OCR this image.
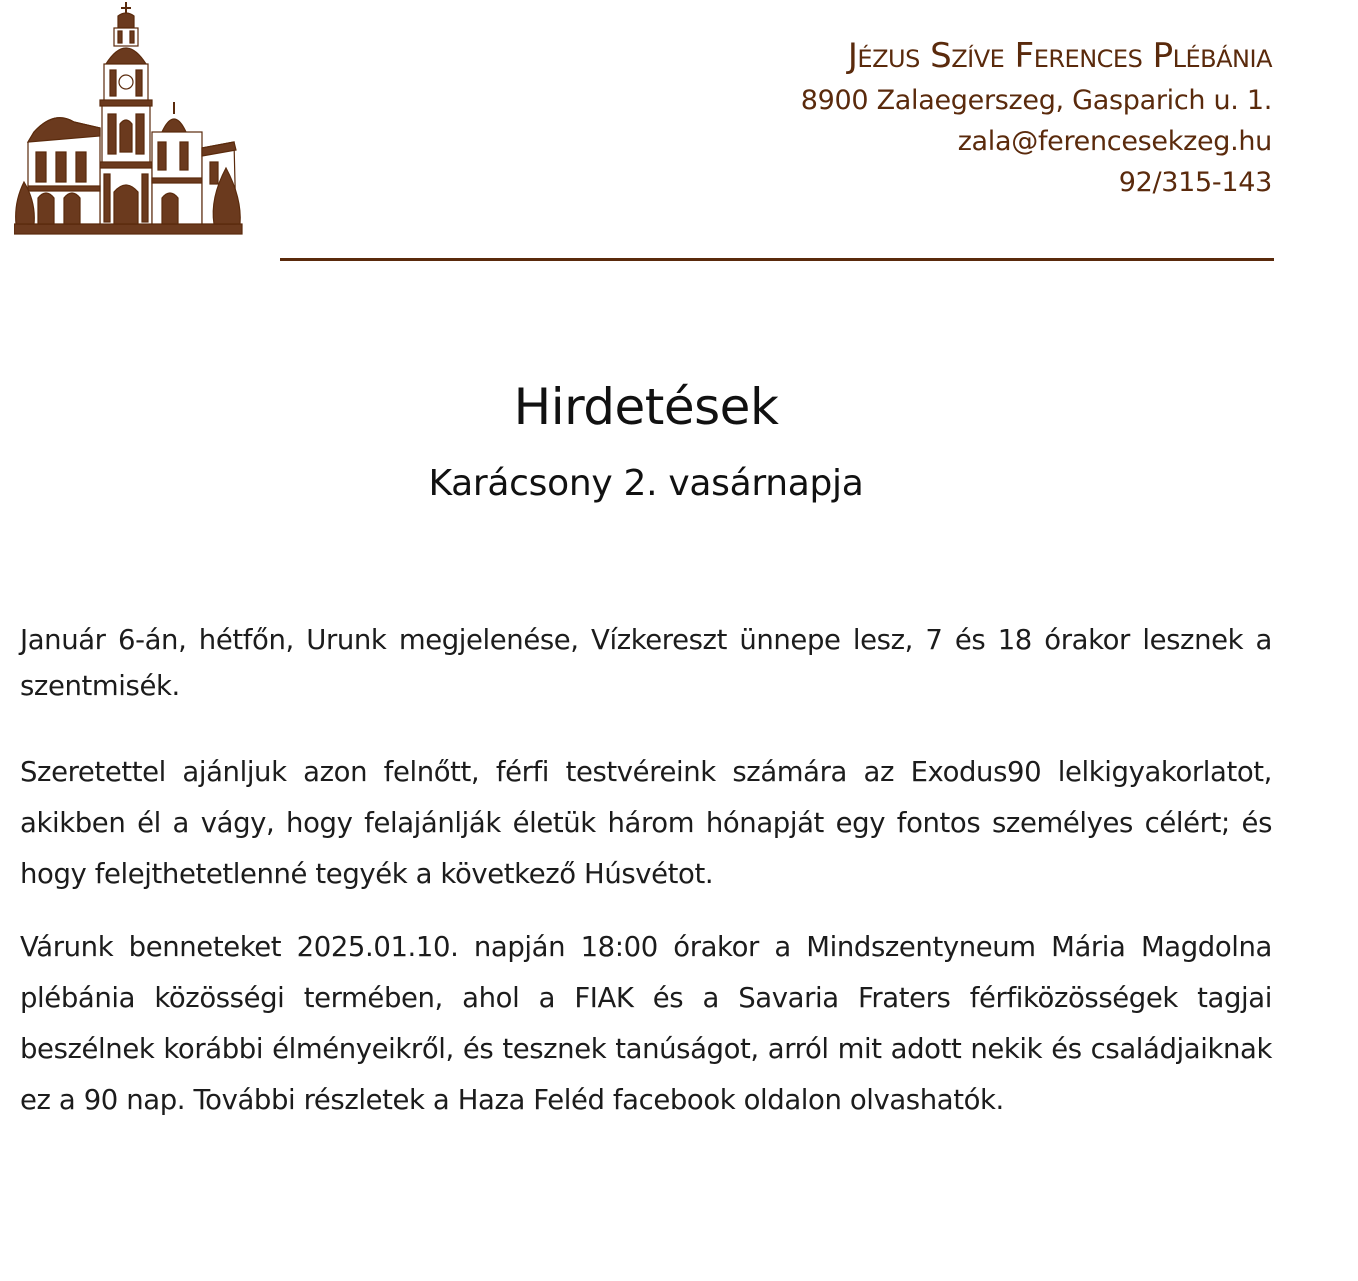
Jézus Szíve Ferences Plébánia
8900 Zalaegerszeg, Gasparich u. 1.
zala@ferencesekzeg.hu
92/315-143
Hirdetések
Karácsony 2. vasárnapja

Január 6-án, hétfőn, Urunk megjelenése, Vízkereszt ünnepe lesz, 7 és 18 órakor lesznek a szentmisék.

Szeretettel ajánljuk azon felnőtt, férfi testvéreink számára az Exodus90 lelkigyakorlatot, akikben él a vágy, hogy felajánlják életük három hónapját egy fontos személyes célért; és hogy felejthetetlenné tegyék a következő Húsvétot.

Várunk benneteket 2025.01.10. napján 18:00 órakor a Mindszentyneum Mária Magdolna plébánia közösségi termében, ahol a FIAK és a Savaria Fraters férfiközösségek tagjai beszélnek korábbi élményeikről, és tesznek tanúságot, arról mit adott nekik és családjaiknak ez a 90 nap. További részletek a Haza Feléd facebook oldalon olvashatók.
